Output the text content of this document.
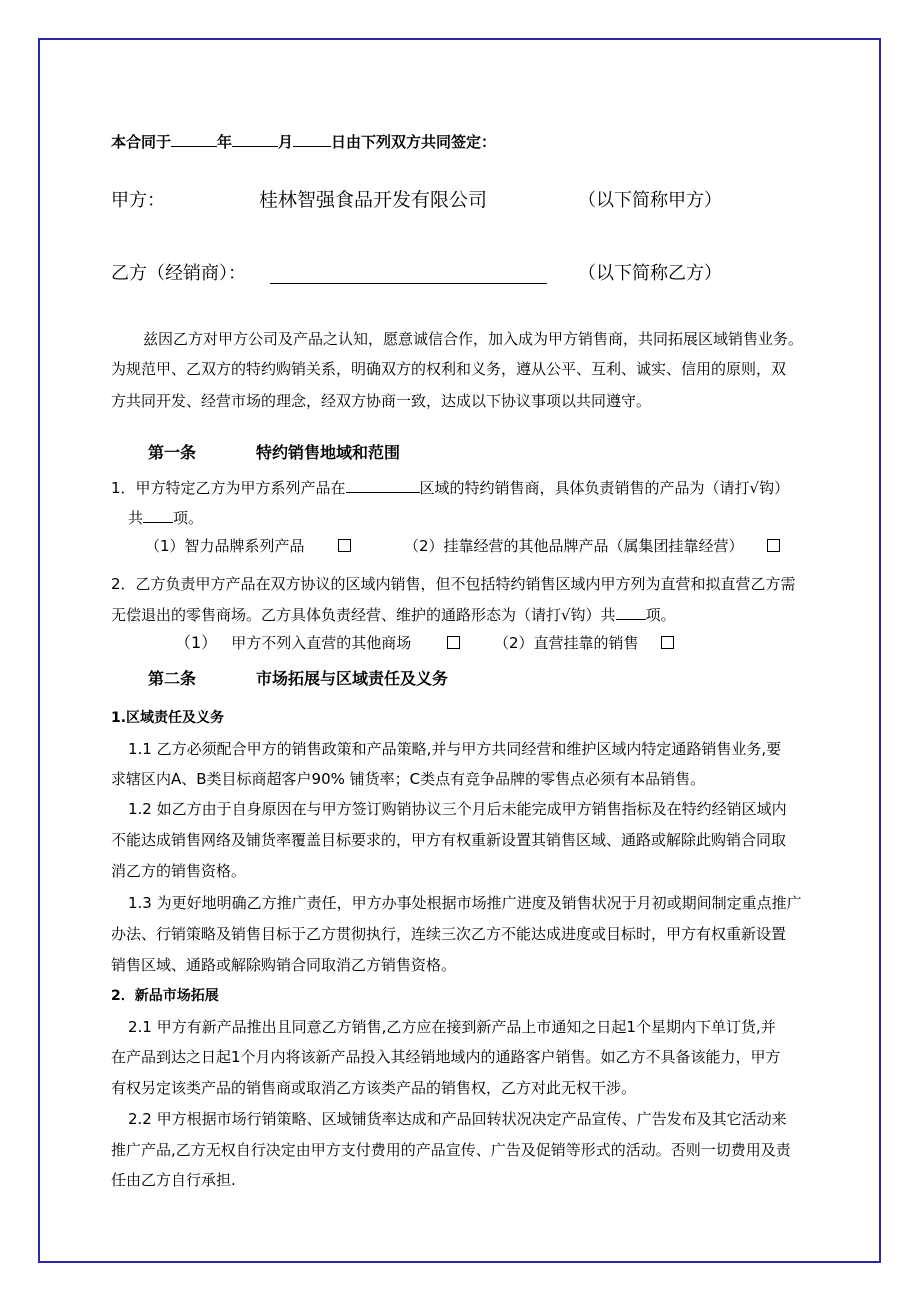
本合同于	年	月	日由下列双方共同签定：
甲方：	桂林智强食品开发有限公司	（以下简称甲方）
乙方（经销商）：	（以下简称乙方）
兹因乙方对甲方公司及产品之认知，愿意诚信合作，加入成为甲方销售商，共同拓展区域销售业务。
为规范甲、乙双方的特约购销关系，明确双方的权利和义务，遵从公平、互利、诚实、信用的原则，双
方共同开发、经营市场的理念，经双方协商一致，达成以下协议事项以共同遵守。
第一条	特约销售地域和范围
1．甲方特定乙方为甲方系列产品在	区域的特约销售商，具体负责销售的产品为（请打√钩）
共 项。
（1）智力品牌系列产品	（2）挂靠经营的其他品牌产品（属集团挂靠经营）
2．乙方负责甲方产品在双方协议的区域内销售，但不包括特约销售区域内甲方列为直营和拟直营乙方需
无偿退出的零售商场。乙方具体负责经营、维护的通路形态为（请打√钩）共 项。
（1） 甲方不列入直营的其他商场	（2）直营挂靠的销售
第二条	市场拓展与区域责任及义务
1.区域责任及义务
1.1 乙方必须配合甲方的销售政策和产品策略,并与甲方共同经营和维护区域内特定通路销售业务,要
求辖区内A、B类目标商超客户90% 铺货率；C类点有竞争品牌的零售点必须有本品销售。
1.2 如乙方由于自身原因在与甲方签订购销协议三个月后未能完成甲方销售指标及在特约经销区域内
不能达成销售网络及铺货率覆盖目标要求的，甲方有权重新设置其销售区域、通路或解除此购销合同取
消乙方的销售资格。
1.3 为更好地明确乙方推广责任，甲方办事处根据市场推广进度及销售状况于月初或期间制定重点推广
办法、行销策略及销售目标于乙方贯彻执行，连续三次乙方不能达成进度或目标时，甲方有权重新设置
销售区域、通路或解除购销合同取消乙方销售资格。
2．新品市场拓展
2.1 甲方有新产品推出且同意乙方销售,乙方应在接到新产品上市通知之日起1个星期内下单订货,并
在产品到达之日起1个月内将该新产品投入其经销地域内的通路客户销售。如乙方不具备该能力，甲方
有权另定该类产品的销售商或取消乙方该类产品的销售权，乙方对此无权干涉。
2.2 甲方根据市场行销策略、区域铺货率达成和产品回转状况决定产品宣传、广告发布及其它活动来
推广产品,乙方无权自行决定由甲方支付费用的产品宣传、广告及促销等形式的活动。否则一切费用及责
任由乙方自行承担.
